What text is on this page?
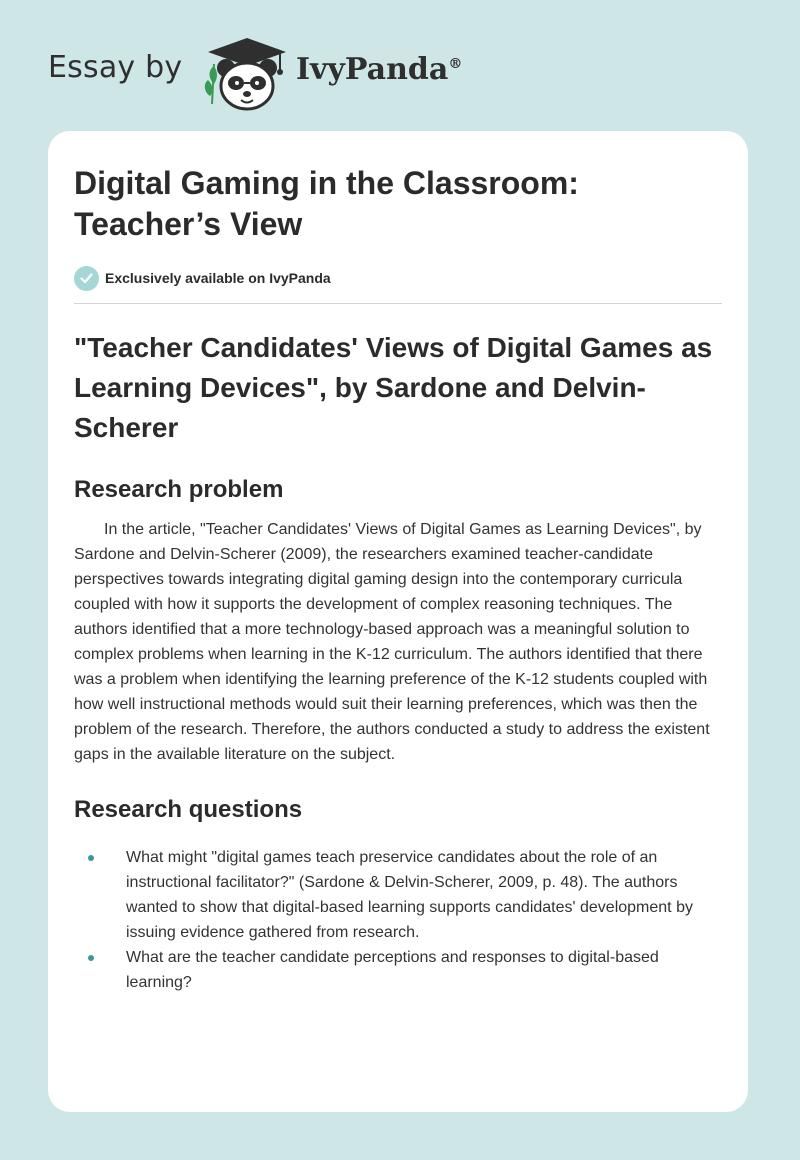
Essay by	IvyPanda®
Digital Gaming in the Classroom:
Teacher’s View
Exclusively available on IvyPanda
"Teacher Candidates' Views of Digital Games as Learning Devices", by Sardone and Delvin-Scherer
Research problem

In the article, "Teacher Candidates' Views of Digital Games as Learning Devices", by Sardone and Delvin-Scherer (2009), the researchers examined teacher-candidate perspectives towards integrating digital gaming design into the contemporary curricula coupled with how it supports the development of complex reasoning techniques. The authors identified that a more technology-based approach was a meaningful solution to complex problems when learning in the K-12 curriculum. The authors identified that there was a problem when identifying the learning preference of the K-12 students coupled with how well instructional methods would suit their learning preferences, which was then the problem of the research. Therefore, the authors conducted a study to address the existent gaps in the available literature on the subject.

Research questions
What might "digital games teach preservice candidates about the role of an instructional facilitator?" (Sardone & Delvin-Scherer, 2009, p. 48). The authors wanted to show that digital-based learning supports candidates' development by issuing evidence gathered from research.
What are the teacher candidate perceptions and responses to digital-based learning?
